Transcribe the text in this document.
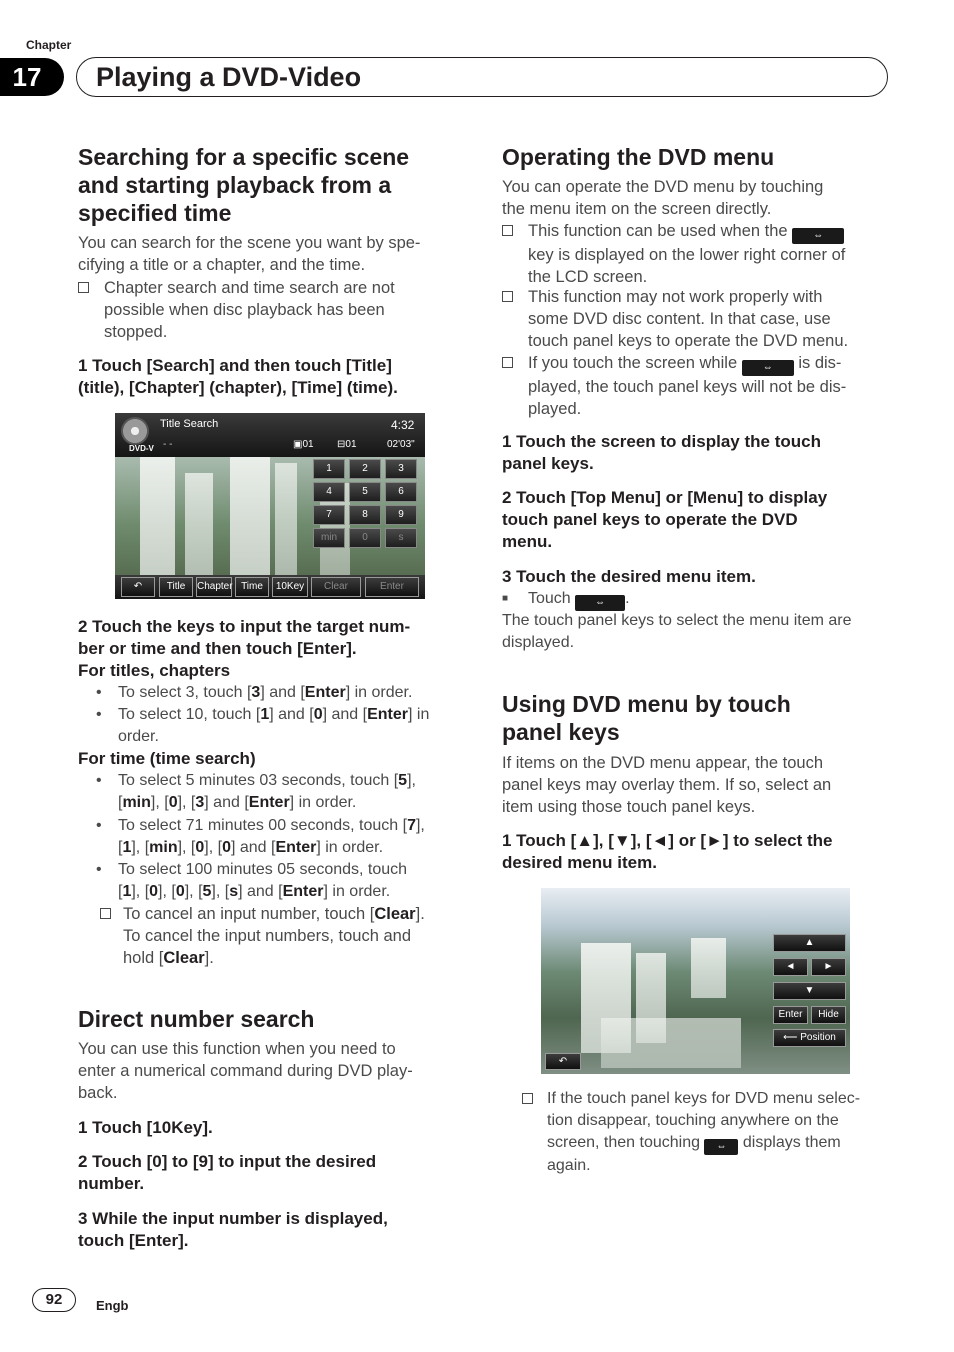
Chapter
17	Playing a DVD-Video
Searching for a specific scene
and starting playback from a
specified time
You can search for the scene you want by spe-
cifying a title or a chapter, and the time.
Chapter search and time search are not
possible when disc playback has been
stopped.
1 Touch [Search] and then touch [Title]
(title), [Chapter] (chapter), [Time] (time).
DVD-V
Title Search
- -
4:32
▣01 ⊟01	02'03"
1	2	3
4	5	6
7	8	9
min	0	s
↶	Title	Chapter Time	10Key	Clear	Enter
2 Touch the keys to input the target num-
ber or time and then touch [Enter].
For titles, chapters
• To select 3, touch [3] and [Enter] in order.
• To select 10, touch [1] and [0] and [Enter] in
order.
For time (time search)
• To select 5 minutes 03 seconds, touch [5],
[min], [0], [3] and [Enter] in order.
• To select 71 minutes 00 seconds, touch [7],
[1], [min], [0], [0] and [Enter] in order.
• To select 100 minutes 05 seconds, touch
[1], [0], [0], [5], [s] and [Enter] in order.
To cancel an input number, touch [Clear].
To cancel the input numbers, touch and
hold [Clear].
Direct number search
You can use this function when you need to
enter a numerical command during DVD play-
back.
1 Touch [10Key].
2 Touch [0] to [9] to input the desired
number.
3 While the input number is displayed,
touch [Enter].
Operating the DVD menu
You can operate the DVD menu by touching
the menu item on the screen directly.
This function can be used when the	⇔
key is displayed on the lower right corner of
the LCD screen.
This function may not work properly with
some DVD disc content. In that case, use
touch panel keys to operate the DVD menu.
If you touch the screen while	⇔ is dis-
played, the touch panel keys will not be dis-
played.
1 Touch the screen to display the touch
panel keys.
2 Touch [Top Menu] or [Menu] to display
touch panel keys to operate the DVD
menu.
3 Touch the desired menu item.
■ Touch ⇔ .
The touch panel keys to select the menu item are
displayed.
Using DVD menu by touch
panel keys
If items on the DVD menu appear, the touch
panel keys may overlay them. If so, select an
item using those touch panel keys.
1 Touch [▲], [▼], [◄] or [►] to select the
desired menu item.
▲
◄	►
▼
Enter	Hide
⟵ Position
↶
If the touch panel keys for DVD menu selec-
tion disappear, touching anywhere on the
screen, then touching ⇔ displays them
again.
92	Engb
